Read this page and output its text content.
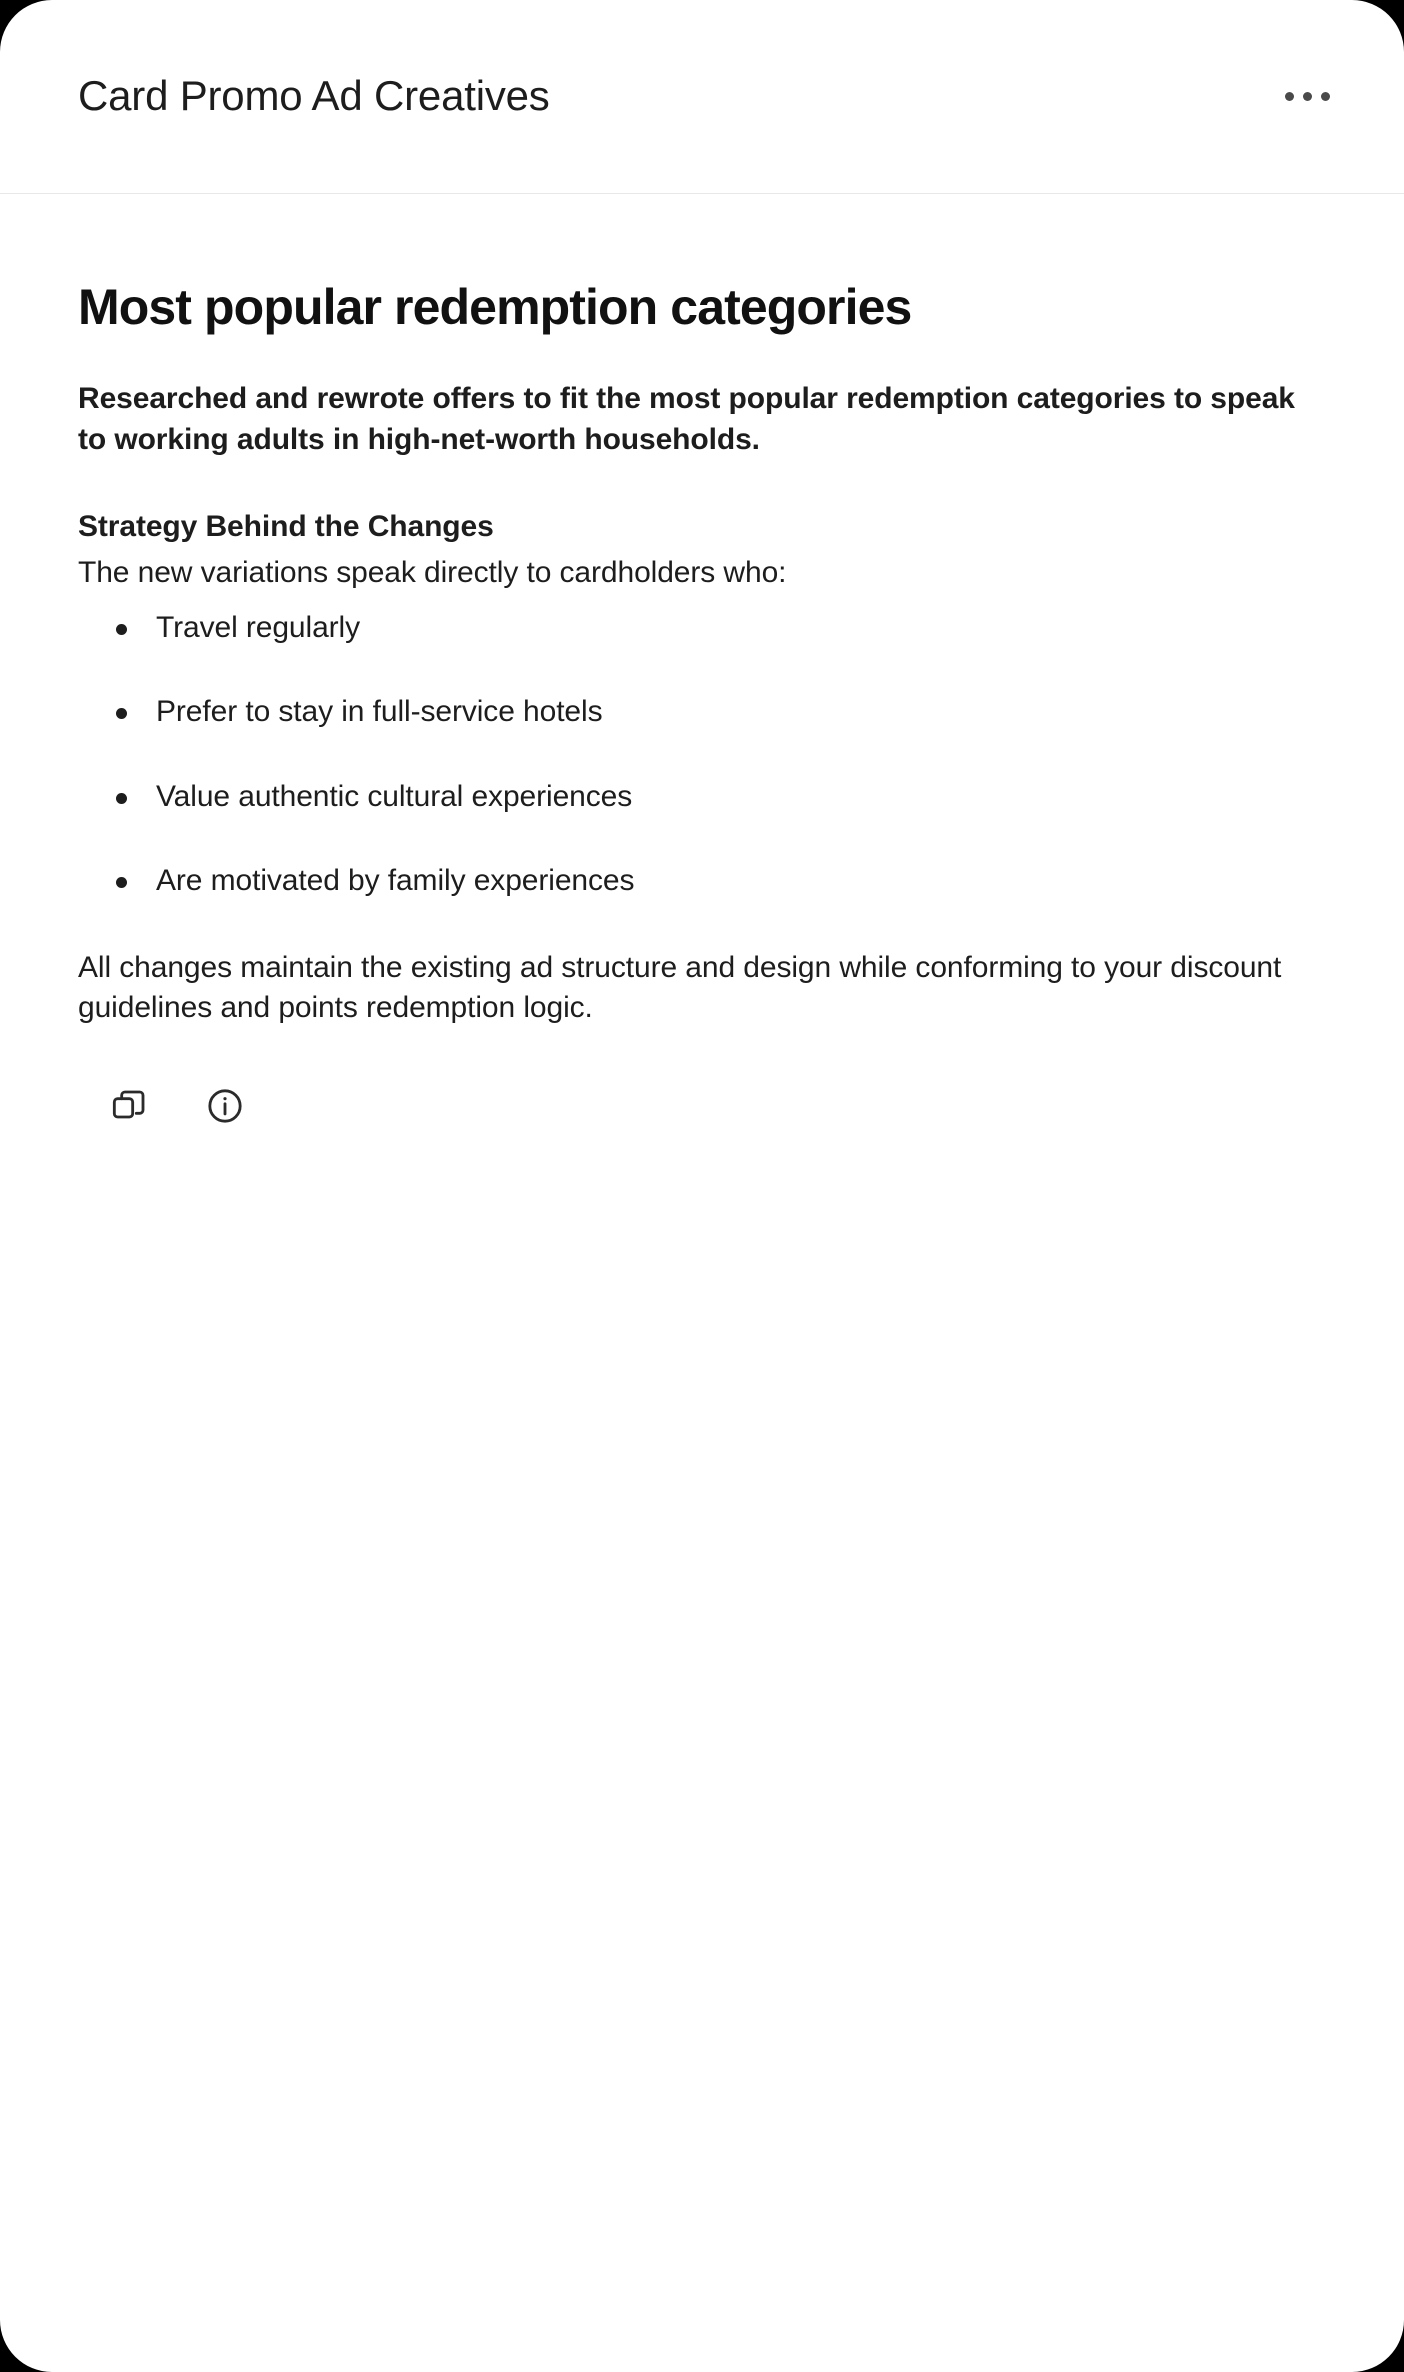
Card Promo Ad Creatives
Most popular redemption categories

Researched and rewrote offers to fit the most popular redemption categories to speak to working adults in high-net-worth households.

Strategy Behind the Changes

The new variations speak directly to cardholders who:

Travel regularly
Prefer to stay in full-service hotels
Value authentic cultural experiences
Are motivated by family experiences

All changes maintain the existing ad structure and design while conforming to your discount guidelines and points redemption logic.
